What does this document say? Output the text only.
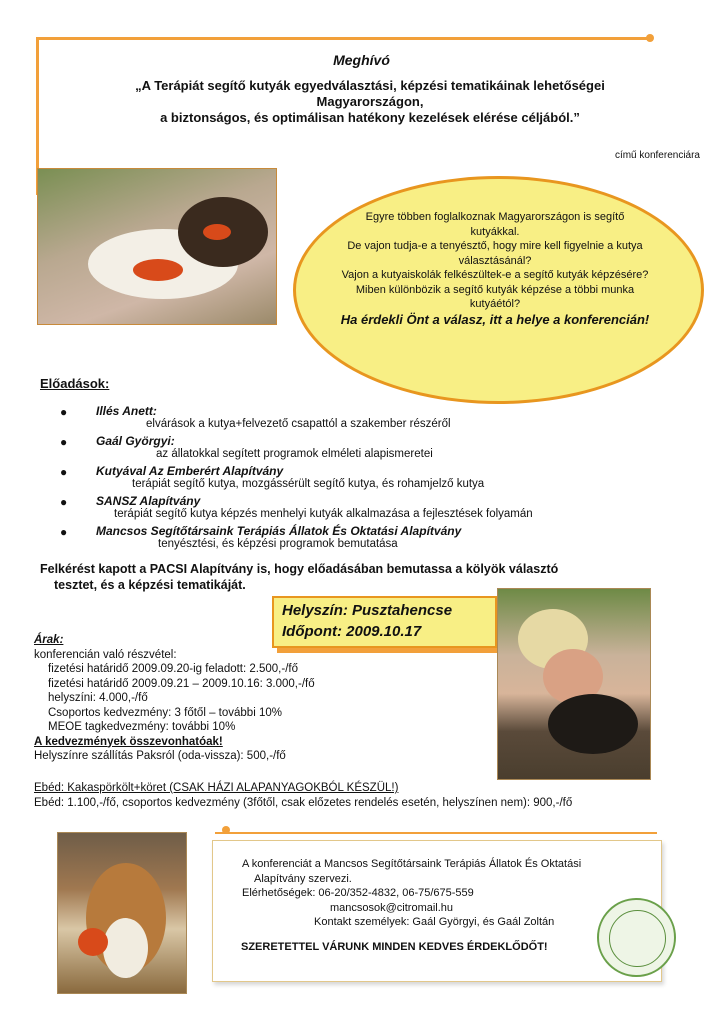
Meghívó
„A Terápiát segítő kutyák egyedválasztási, képzési tematikáinak lehetőségei
Magyarországon,
a biztonságos, és optimálisan hatékony kezelések elérése céljából.”
című konferenciára
Egyre többen foglalkoznak Magyarországon is segítő kutyákkal.
De vajon tudja-e a tenyésztő, hogy mire kell figyelnie a kutya választásánál?
Vajon a kutyaiskolák felkészültek-e a segítő kutyák képzésére?
Miben különbözik a segítő kutyák képzése a többi munka kutyáétól?
Ha érdekli Önt a válasz, itt a helye a konferencián!
Előadások:
● Illés Anett:
elvárások a kutya+felvezető csapattól a szakember részéről
● Gaál Györgyi:
az állatokkal segített programok elméleti alapismeretei
● Kutyával Az Emberért Alapítvány
terápiát segítő kutya, mozgássérült segítő kutya, és rohamjelző kutya
● SANSZ Alapítvány
terápiát segítő kutya képzés menhelyi kutyák alkalmazása a fejlesztések folyamán
● Mancsos Segítőtársaink Terápiás Állatok És Oktatási Alapítvány
tenyésztési, és képzési programok bemutatása
Felkérést kapott a PACSI Alapítvány is, hogy előadásában bemutassa a kölyök választó
tesztet, és a képzési tematikáját.
Helyszín: Pusztahencse
Időpont: 2009.10.17
Árak:
konferencián való részvétel:
fizetési határidő 2009.09.20-ig feladott: 2.500,-/fő
fizetési határidő 2009.09.21 – 2009.10.16: 3.000,-/fő
helyszíni: 4.000,-/fő
Csoportos kedvezmény: 3 főtől – további 10%
MEOE tagkedvezmény: további 10%
A kedvezmények összevonhatóak!
Helyszínre szállítás Paksról (oda-vissza): 500,-/fő
Ebéd: Kakaspörkölt+köret (CSAK HÁZI ALAPANYAGOKBÓL KÉSZÜL!)
Ebéd: 1.100,-/fő, csoportos kedvezmény (3főtől, csak előzetes rendelés esetén, helyszínen nem): 900,-/fő
A konferenciát a Mancsos Segítőtársaink Terápiás Állatok És Oktatási
Alapítvány szervezi.
Elérhetőségek: 06-20/352-4832, 06-75/675-559
mancsosok@citromail.hu
Kontakt személyek: Gaál Györgyi, és Gaál Zoltán
SZERETETTEL VÁRUNK MINDEN KEDVES ÉRDEKLŐDŐT!
